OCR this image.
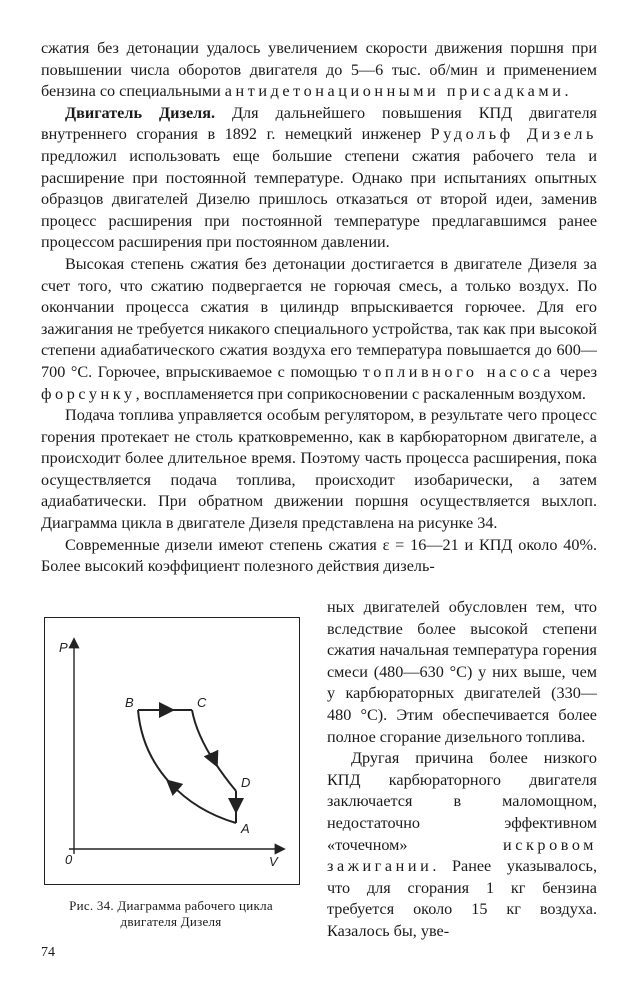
сжатия без детонации удалось увеличением скорости движения поршня при повышении числа оборотов двигателя до 5—6 тыс. об/мин и применением бензина со специальными антидетонационными присадками.

Двигатель Дизеля. Для дальнейшего повышения КПД двигателя внутреннего сгорания в 1892 г. немецкий инженер Рудольф Дизель предложил использовать еще большие степени сжатия рабочего тела и расширение при постоянной температуре. Однако при испытаниях опытных образцов двигателей Дизелю пришлось отказаться от второй идеи, заменив процесс расширения при постоянной температуре предлагавшимся ранее процессом расширения при постоянном давлении.

Высокая степень сжатия без детонации достигается в двигателе Дизеля за счет того, что сжатию подвергается не горючая смесь, а только воздух. По окончании процесса сжатия в цилиндр впрыскивается горючее. Для его зажигания не требуется никакого специального устройства, так как при высокой степени адиабатического сжатия воздуха его температура повышается до 600—700 °С. Горючее, впрыскиваемое с помощью топливного насоса через форсунку, воспламеняется при соприкосновении с раскаленным воздухом.

Подача топлива управляется особым регулятором, в результате чего процесс горения протекает не столь кратковременно, как в карбюраторном двигателе, а происходит более длительное время. Поэтому часть процесса расширения, пока осуществляется подача топлива, происходит изобарически, а затем адиабатически. При обратном движении поршня осуществляется выхлоп. Диаграмма цикла в двигателе Дизеля представлена на рисунке 34.

Современные дизели имеют степень сжатия ε = 16—21 и КПД около 40%. Более высокий коэффициент полезного действия дизель-

ных двигателей обусловлен тем, что вследствие более высокой степени сжатия начальная температура горения смеси (480—630 °С) у них выше, чем у карбюраторных двигателей (330—480 °С). Этим обеспечивается более полное сгорание дизельного топлива.

Другая причина более низкого КПД карбюраторного двигателя заключается в маломощном, недостаточно эффективном «точечном» искровом зажигании. Ранее указывалось, что для сгорания 1 кг бензина требуется около 15 кг воздуха. Казалось бы, уве-

P
V
0
B	C
D
A
Рис. 34. Диаграмма рабочего цикла
двигателя Дизеля
74
